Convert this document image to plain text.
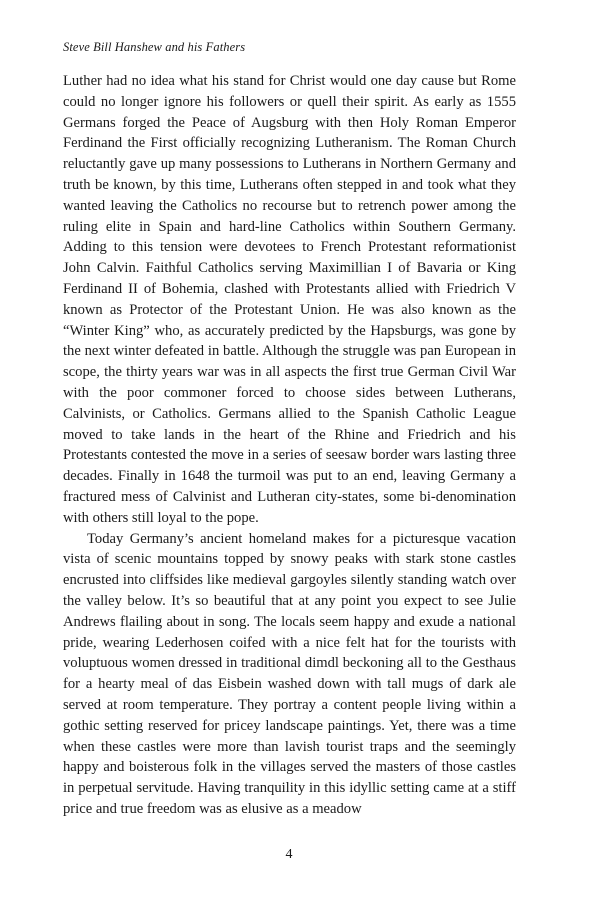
Steve Bill Hanshew and his Fathers

Luther had no idea what his stand for Christ would one day cause but Rome could no longer ignore his followers or quell their spirit. As early as 1555 Germans forged the Peace of Augsburg with then Holy Roman Emperor Ferdinand the First officially recognizing Lutheranism. The Roman Church reluctantly gave up many possessions to Lutherans in Northern Germany and truth be known, by this time, Lutherans often stepped in and took what they wanted leaving the Catholics no recourse but to retrench power among the ruling elite in Spain and hard-line Catholics within Southern Germany. Adding to this tension were devotees to French Protestant reformationist John Calvin. Faithful Catholics serving Maximillian I of Bavaria or King Ferdinand II of Bohemia, clashed with Protestants allied with Friedrich V known as Protector of the Protestant Union. He was also known as the “Winter King” who, as accurately predicted by the Hapsburgs, was gone by the next winter defeated in battle. Although the struggle was pan European in scope, the thirty years war was in all aspects the first true German Civil War with the poor commoner forced to choose sides between Lutherans, Calvinists, or Catholics. Germans allied to the Spanish Catholic League moved to take lands in the heart of the Rhine and Friedrich and his Protestants contested the move in a series of seesaw border wars lasting three decades. Finally in 1648 the turmoil was put to an end, leaving Germany a fractured mess of Calvinist and Lutheran city-states, some bi-denomination with others still loyal to the pope.

Today Germany’s ancient homeland makes for a picturesque vacation vista of scenic mountains topped by snowy peaks with stark stone castles encrusted into cliffsides like medieval gargoyles silently standing watch over the valley below. It’s so beautiful that at any point you expect to see Julie Andrews flailing about in song. The locals seem happy and exude a national pride, wearing Lederhosen coifed with a nice felt hat for the tourists with voluptuous women dressed in traditional dimdl beckoning all to the Gesthaus for a hearty meal of das Eisbein washed down with tall mugs of dark ale served at room temperature. They portray a content people living within a gothic setting reserved for pricey landscape paintings. Yet, there was a time when these castles were more than lavish tourist traps and the seemingly happy and boisterous folk in the villages served the masters of those castles in perpetual servitude. Having tranquility in this idyllic setting came at a stiff price and true freedom was as elusive as a meadow

4
